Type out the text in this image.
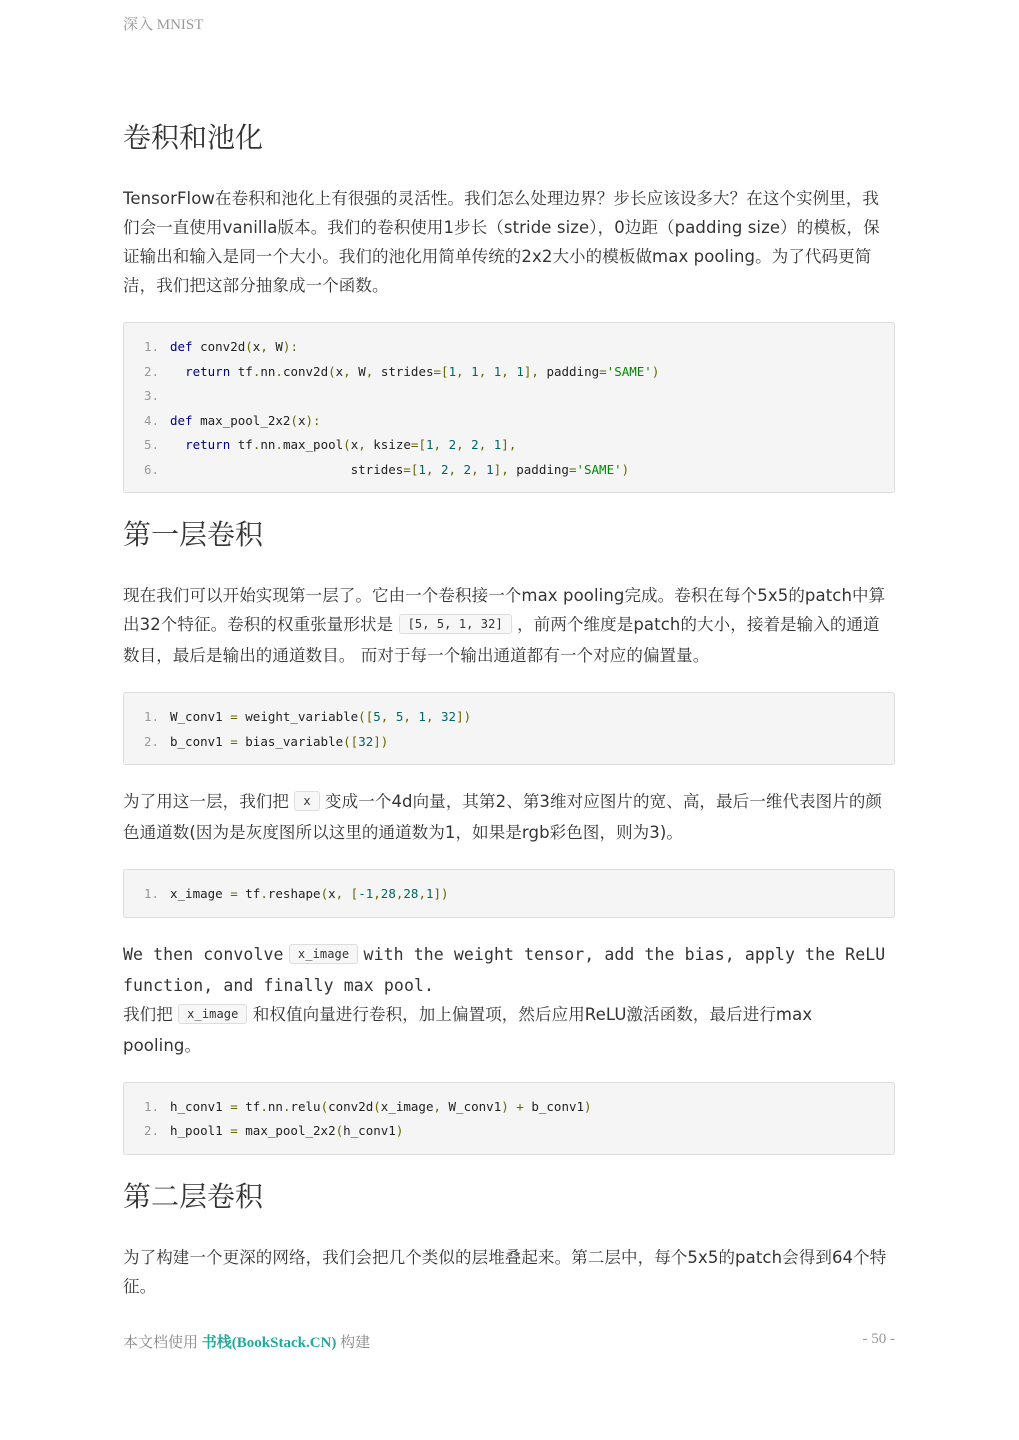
深入 MNIST
卷积和池化

TensorFlow在卷积和池化上有很强的灵活性。我们怎么处理边界？步长应该设多大？在这个实例里，我们会一直使用vanilla版本。我们的卷积使用1步长（stride size），0边距（padding size）的模板，保证输出和输入是同一个大小。我们的池化用简单传统的2x2大小的模板做max pooling。为了代码更简洁，我们把这部分抽象成一个函数。

1. def conv2d(x, W):
2.	return tf.nn.conv2d(x, W, strides=[1, 1, 1, 1], padding='SAME')
3.

4. def max_pool_2x2(x):
5.	return tf.nn.max_pool(x, ksize=[1, 2, 2, 1],
6. strides=[1, 2, 2, 1], padding='SAME')
第一层卷积

现在我们可以开始实现第一层了。它由一个卷积接一个max pooling完成。卷积在每个5x5的patch中算出32个特征。卷积的权重张量形状是 [5, 5, 1, 32] ，前两个维度是patch的大小，接着是输入的通道数目，最后是输出的通道数目。 而对于每一个输出通道都有一个对应的偏置量。

1. W_conv1 = weight_variable([5, 5, 1, 32])
2. b_conv1 = bias_variable([32])

为了用这一层，我们把 x 变成一个4d向量，其第2、第3维对应图片的宽、高，最后一维代表图片的颜色通道数(因为是灰度图所以这里的通道数为1，如果是rgb彩色图，则为3)。

1. x_image = tf.reshape(x, [-1,28,28,1])

We then convolve x_image with the weight tensor, add the bias, apply the ReLU function, and finally max pool.
我们把 x_image 和权值向量进行卷积，加上偏置项，然后应用ReLU激活函数，最后进行max pooling。

1. h_conv1 = tf.nn.relu(conv2d(x_image, W_conv1) + b_conv1)
2. h_pool1 = max_pool_2x2(h_conv1)
第二层卷积

为了构建一个更深的网络，我们会把几个类似的层堆叠起来。第二层中，每个5x5的patch会得到64个特征。

本文档使用 书栈(BookStack.CN) 构建	- 50 -
